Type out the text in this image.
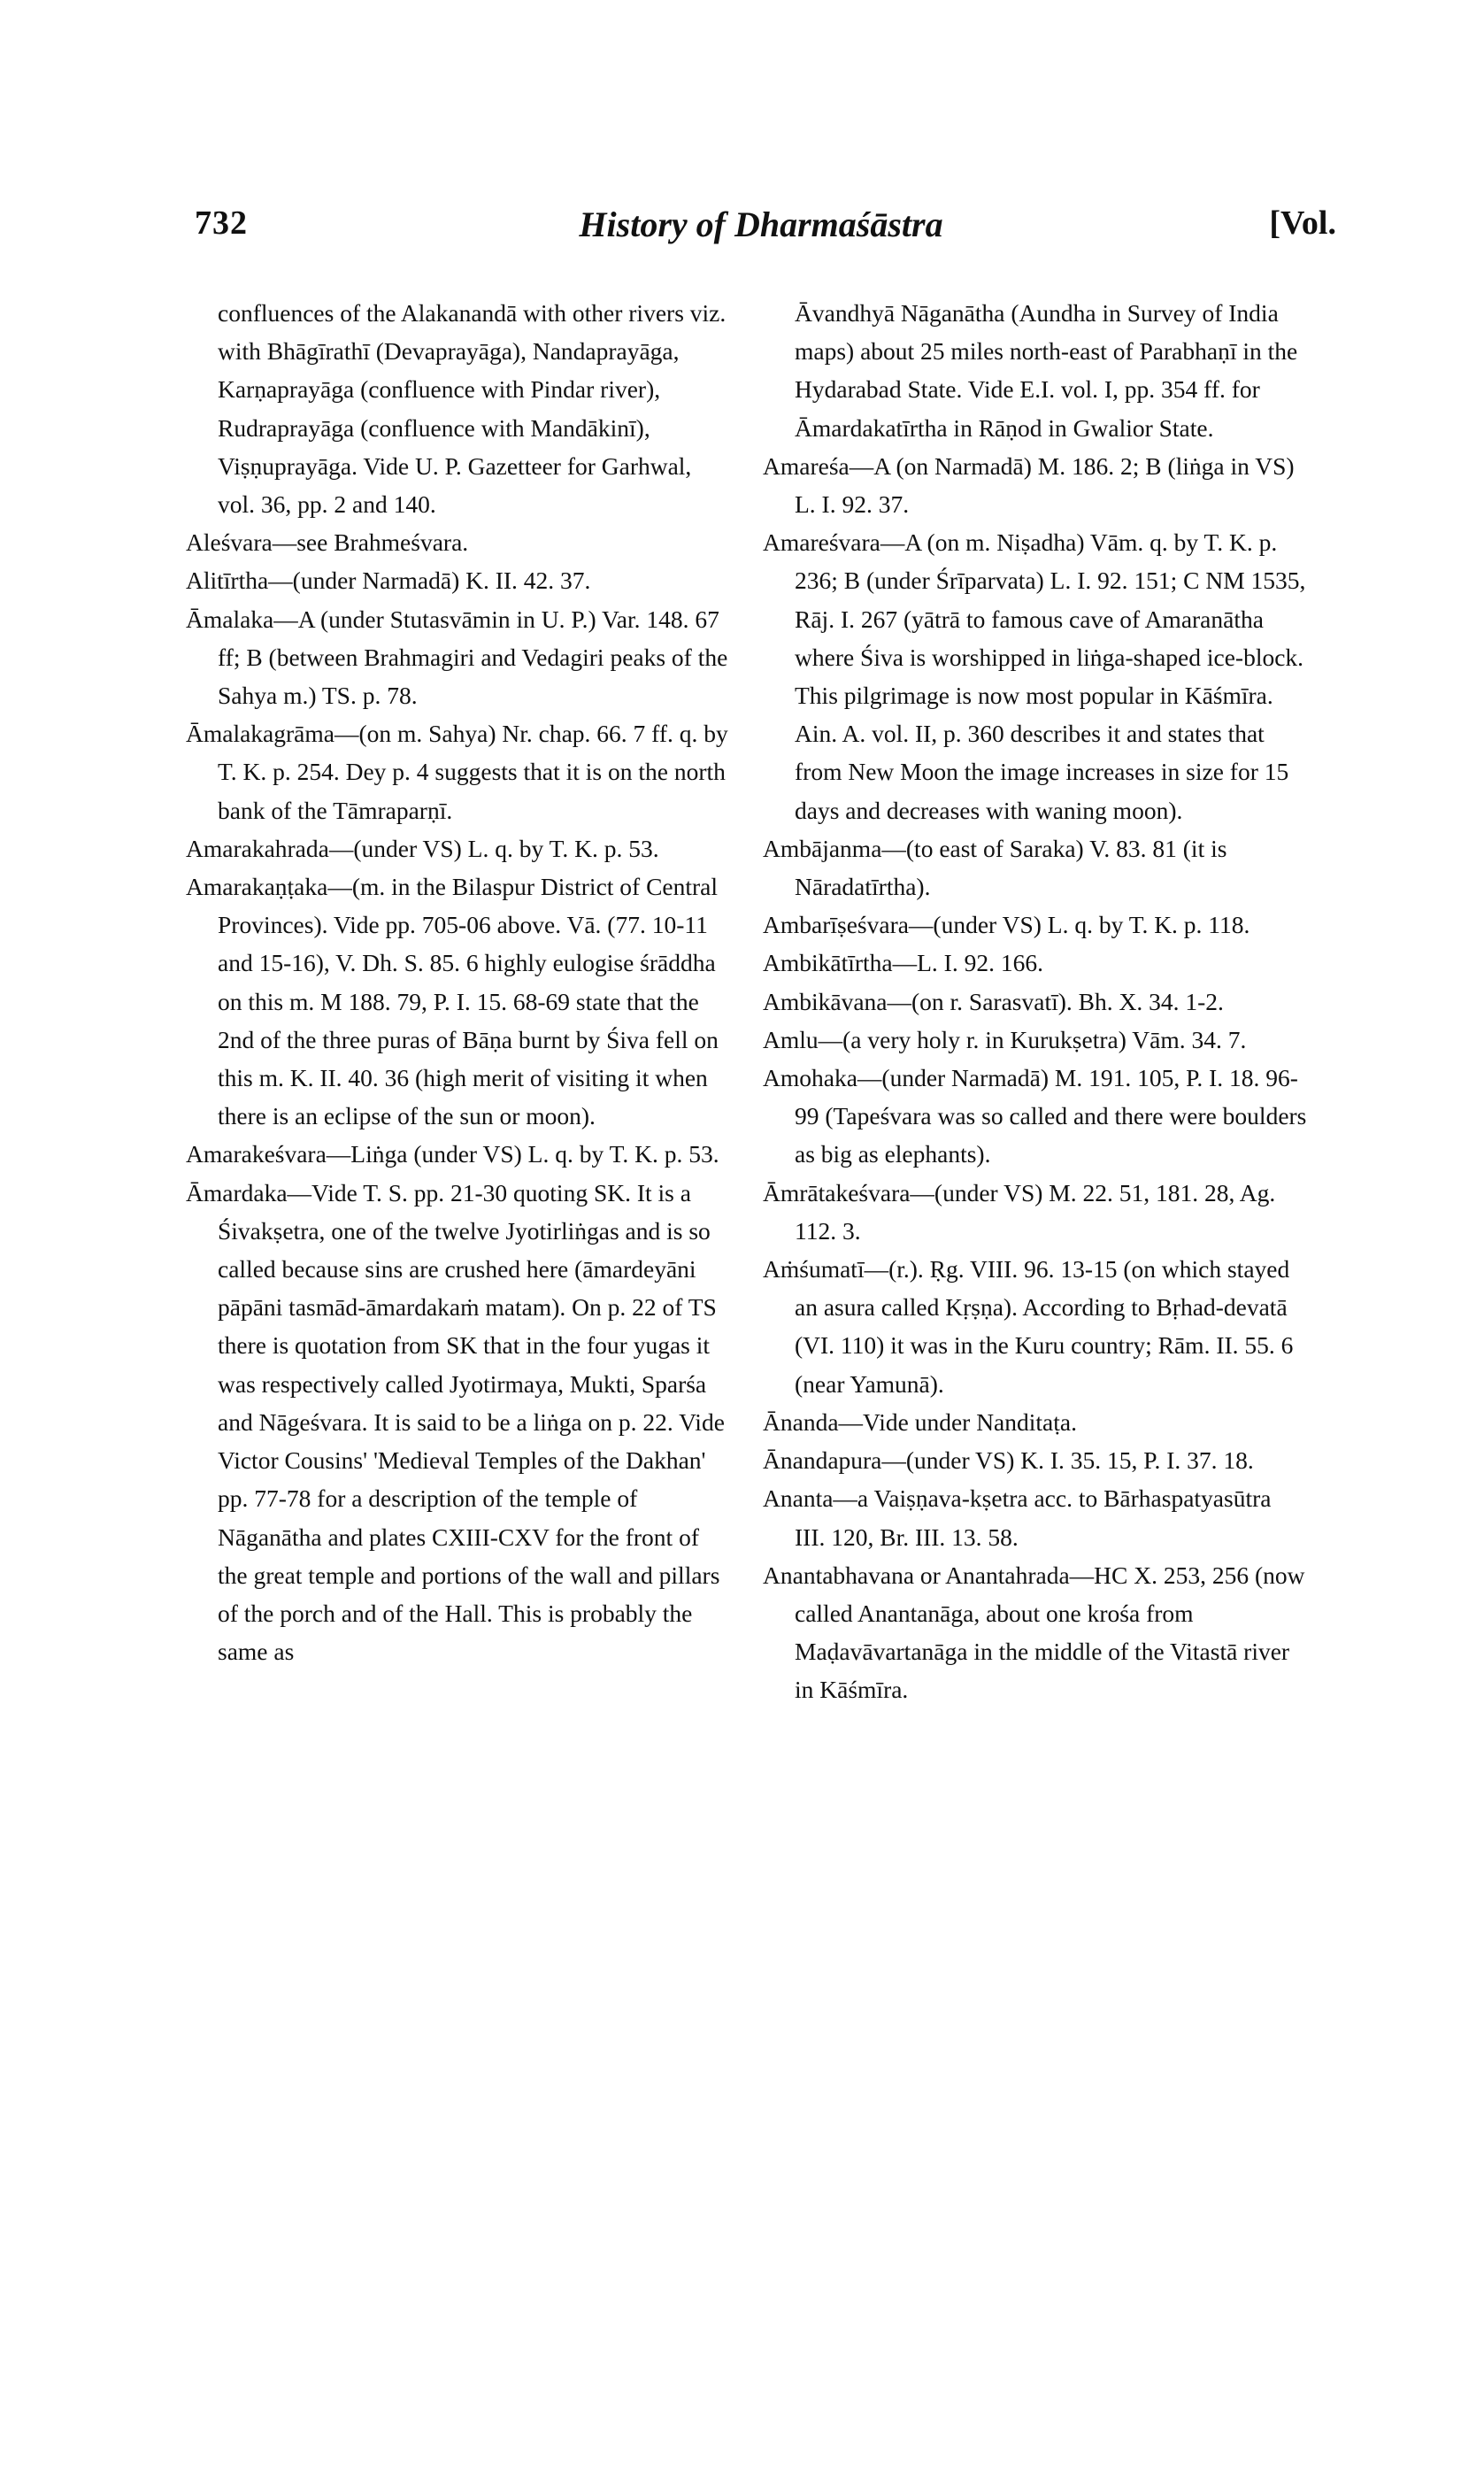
732	History of Dharmaśāstra	[Vol.

confluences of the Alakanandā with other rivers viz. with Bhāgīrathī (Devaprayāga), Nandaprayāga, Karṇaprayāga (confluence with Pindar river), Rudraprayāga (confluence with Mandākinī), Viṣṇuprayāga. Vide U. P. Gazetteer for Garhwal, vol. 36, pp. 2 and 140.

Aleśvara—see Brahmeśvara.

Alitīrtha—(under Narmadā) K. II. 42. 37.

Āmalaka—A (under Stutasvāmin in U. P.) Var. 148. 67 ff; B (between Brahmagiri and Vedagiri peaks of the Sahya m.) TS. p. 78.

Āmalakagrāma—(on m. Sahya) Nr. chap. 66. 7 ff. q. by T. K. p. 254. Dey p. 4 suggests that it is on the north bank of the Tāmraparṇī.

Amarakahrada—(under VS) L. q. by T. K. p. 53.

Amarakaṇṭaka—(m. in the Bilaspur District of Central Provinces). Vide pp. 705-06 above. Vā. (77. 10-11 and 15-16), V. Dh. S. 85. 6 highly eulogise śrāddha on this m. M 188. 79, P. I. 15. 68-69 state that the 2nd of the three puras of Bāṇa burnt by Śiva fell on this m. K. II. 40. 36 (high merit of visiting it when there is an eclipse of the sun or moon).

Amarakeśvara—Liṅga (under VS) L. q. by T. K. p. 53.

Āmardaka—Vide T. S. pp. 21-30 quoting SK. It is a Śivakṣetra, one of the twelve Jyotirliṅgas and is so called because sins are crushed here (āmardeyāni pāpāni tasmād-āmardakaṁ matam). On p. 22 of TS there is quotation from SK that in the four yugas it was respectively called Jyotirmaya, Mukti, Sparśa and Nāgeśvara. It is said to be a liṅga on p. 22. Vide Victor Cousins' 'Medieval Temples of the Dakhan' pp. 77-78 for a description of the temple of Nāganātha and plates CXIII-CXV for the front of the great temple and portions of the wall and pillars of the porch and of the Hall. This is probably the same as

Āvandhyā Nāganātha (Aundha in Survey of India maps) about 25 miles north-east of Parabhaṇī in the Hydarabad State. Vide E.I. vol. I, pp. 354 ff. for Āmardakatīrtha in Rāṇod in Gwalior State.

Amareśa—A (on Narmadā) M. 186. 2; B (liṅga in VS) L. I. 92. 37.

Amareśvara—A (on m. Niṣadha) Vām. q. by T. K. p. 236; B (under Śrīparvata) L. I. 92. 151; C NM 1535, Rāj. I. 267 (yātrā to famous cave of Amaranātha where Śiva is worshipped in liṅga-shaped ice-block. This pilgrimage is now most popular in Kāśmīra. Ain. A. vol. II, p. 360 describes it and states that from New Moon the image increases in size for 15 days and decreases with waning moon).

Ambājanma—(to east of Saraka) V. 83. 81 (it is Nāradatīrtha).

Ambarīṣeśvara—(under VS) L. q. by T. K. p. 118.

Ambikātīrtha—L. I. 92. 166.

Ambikāvana—(on r. Sarasvatī). Bh. X. 34. 1-2.

Amlu—(a very holy r. in Kurukṣetra) Vām. 34. 7.

Amohaka—(under Narmadā) M. 191. 105, P. I. 18. 96-99 (Tapeśvara was so called and there were boulders as big as elephants).

Āmrātakeśvara—(under VS) M. 22. 51, 181. 28, Ag. 112. 3.

Aṁśumatī—(r.). Ṛg. VIII. 96. 13-15 (on which stayed an asura called Kṛṣṇa). According to Bṛhad-devatā (VI. 110) it was in the Kuru country; Rām. II. 55. 6 (near Yamunā).

Ānanda—Vide under Nanditaṭa.

Ānandapura—(under VS) K. I. 35. 15, P. I. 37. 18.

Ananta—a Vaiṣṇava-kṣetra acc. to Bārhaspatyasūtra III. 120, Br. III. 13. 58.

Anantabhavana or Anantahrada—HC X. 253, 256 (now called Anantanāga, about one krośa from Maḍavāvartanāga in the middle of the Vitastā river in Kāśmīra.
